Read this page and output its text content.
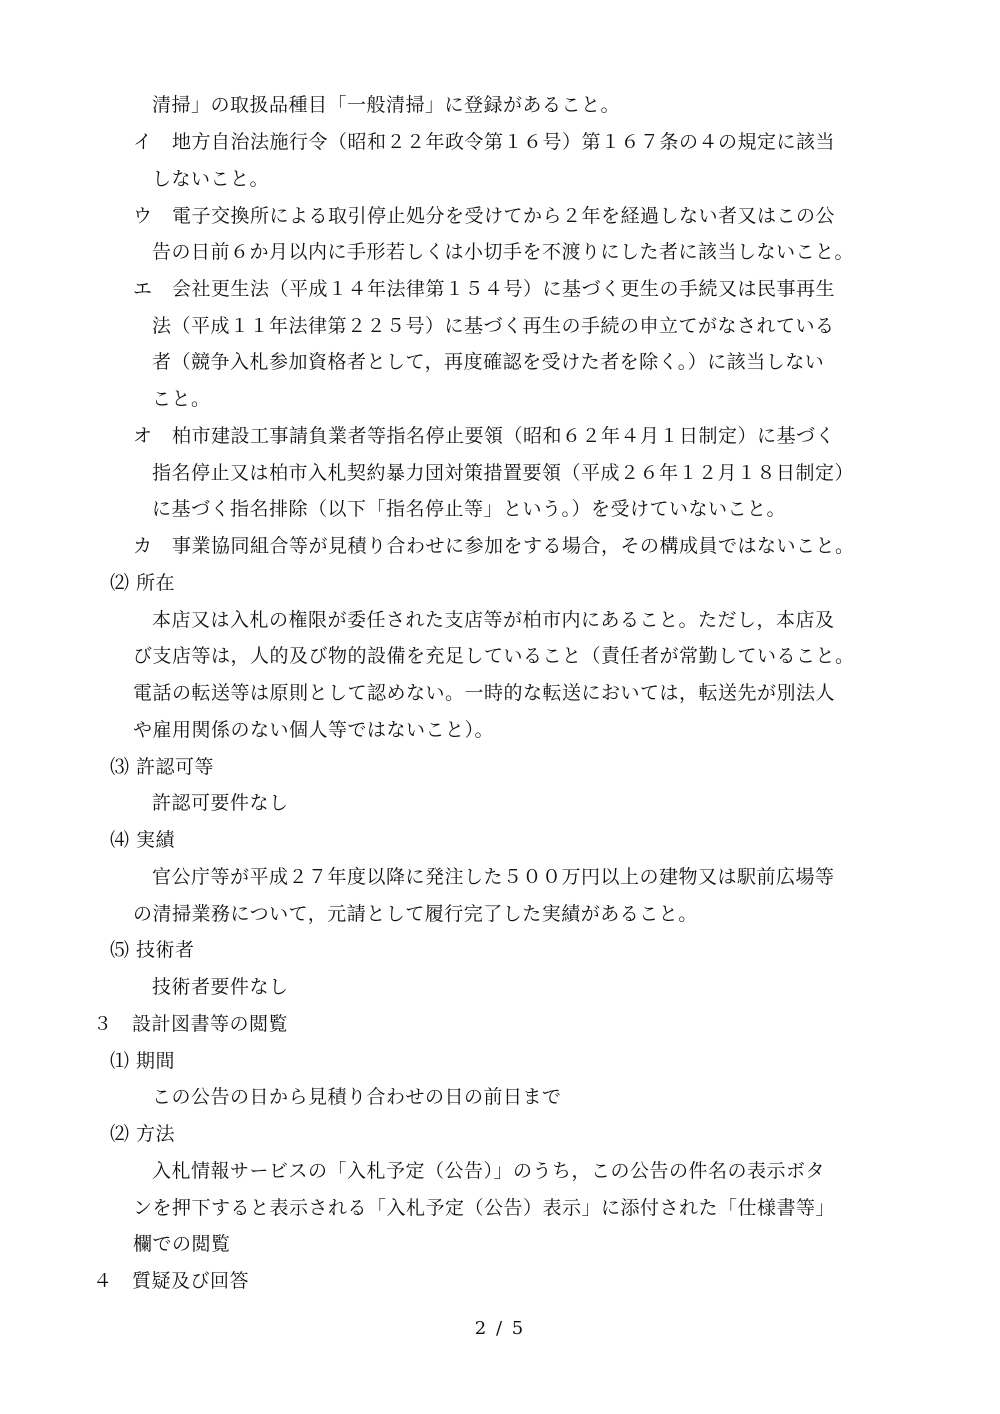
清掃」の取扱品種目「一般清掃」に登録があること。
イ　地方自治法施行令（昭和２２年政令第１６号）第１６７条の４の規定に該当
しないこと。
ウ　電子交換所による取引停止処分を受けてから２年を経過しない者又はこの公
告の日前６か月以内に手形若しくは小切手を不渡りにした者に該当しないこと。
エ　会社更生法（平成１４年法律第１５４号）に基づく更生の手続又は民事再生
法（平成１１年法律第２２５号）に基づく再生の手続の申立てがなされている
者（競争入札参加資格者として，再度確認を受けた者を除く。）に該当しない
こと。
オ　柏市建設工事請負業者等指名停止要領（昭和６２年４月１日制定）に基づく
指名停止又は柏市入札契約暴力団対策措置要領（平成２６年１２月１８日制定）
に基づく指名排除（以下「指名停止等」という。）を受けていないこと。
カ　事業協同組合等が見積り合わせに参加をする場合，その構成員ではないこと。
⑵ 所在
本店又は入札の権限が委任された支店等が柏市内にあること。ただし，本店及
び支店等は，人的及び物的設備を充足していること（責任者が常勤していること。
電話の転送等は原則として認めない。一時的な転送においては，転送先が別法人
や雇用関係のない個人等ではないこと）。
⑶ 許認可等
許認可要件なし
⑷ 実績
官公庁等が平成２７年度以降に発注した５００万円以上の建物又は駅前広場等
の清掃業務について，元請として履行完了した実績があること。
⑸ 技術者
技術者要件なし
３　設計図書等の閲覧
⑴ 期間
この公告の日から見積り合わせの日の前日まで
⑵ 方法
入札情報サービスの「入札予定（公告）」のうち，この公告の件名の表示ボタ
ンを押下すると表示される「入札予定（公告）表示」に添付された「仕様書等」
欄での閲覧
４　質疑及び回答
2 / 5
